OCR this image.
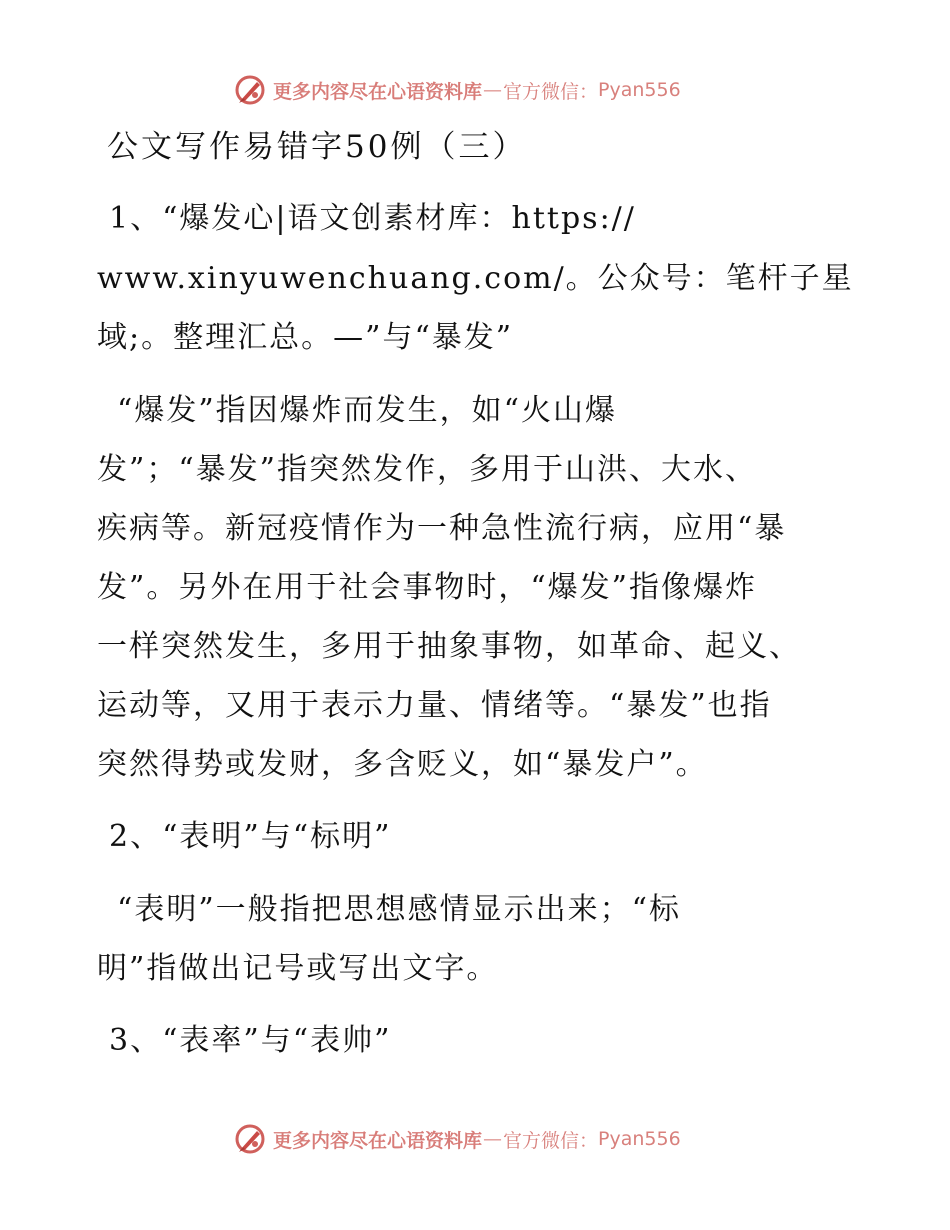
更多内容尽在心语资料库 — 官方微信： Pyan556
公文写作易错字50例（三）
1、“爆发心|语文创素材库：https://
www.xinyuwenchuang.com/。公众号：笔杆子星
域;。整理汇总。—”与“暴发”
“爆发”指因爆炸而发生，如“火山爆
发”；“暴发”指突然发作，多用于山洪、大水、
疾病等。新冠疫情作为一种急性流行病，应用“暴
发”。另外在用于社会事物时，“爆发”指像爆炸
一样突然发生，多用于抽象事物，如革命、起义、
运动等，又用于表示力量、情绪等。“暴发”也指
突然得势或发财，多含贬义，如“暴发户”。
2、“表明”与“标明”
“表明”一般指把思想感情显示出来；“标
明”指做出记号或写出文字。
3、“表率”与“表帅”
更多内容尽在心语资料库 — 官方微信： Pyan556
